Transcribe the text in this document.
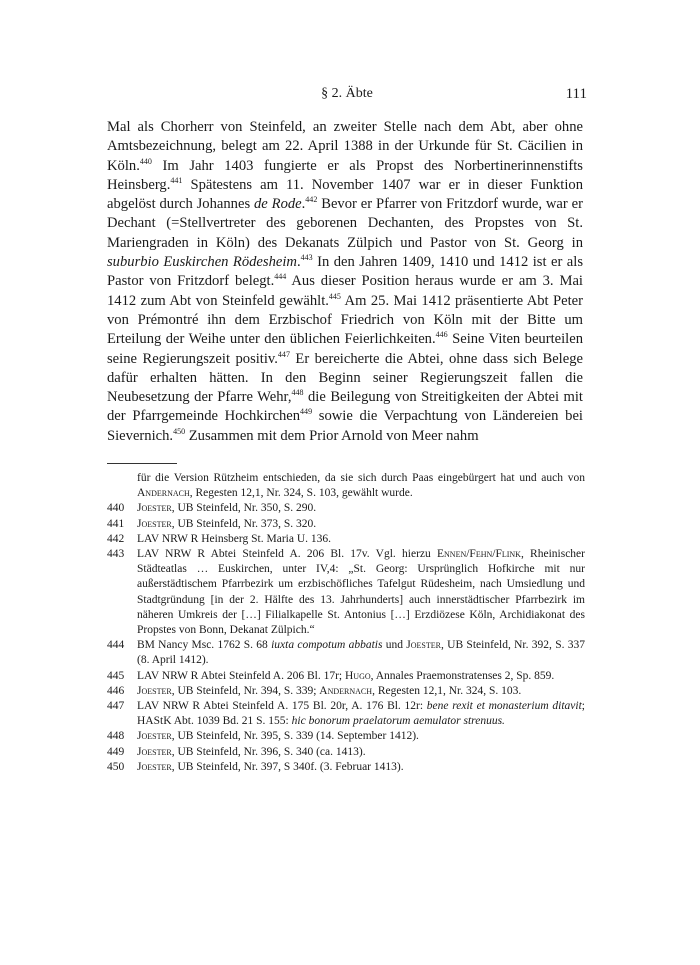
§ 2. Äbte	111

Mal als Chorherr von Steinfeld, an zweiter Stelle nach dem Abt, aber ohne Amtsbezeichnung, belegt am 22. April 1388 in der Urkunde für St. Cäcilien in Köln.$^{440}$ Im Jahr 1403 fungierte er als Propst des Norbertinerinnenstifts Heinsberg.$^{441}$ Spätestens am 11. November 1407 war er in dieser Funktion abgelöst durch Johannes de Rode.$^{442}$ Bevor er Pfarrer von Fritzdorf wurde, war er Dechant (=Stellvertreter des geborenen Dechanten, des Propstes von St. Mariengraden in Köln) des Dekanats Zülpich und Pastor von St. Georg in suburbio Euskirchen Rödesheim.$^{443}$ In den Jahren 1409, 1410 und 1412 ist er als Pastor von Fritzdorf belegt.$^{444}$ Aus dieser Position heraus wurde er am 3. Mai 1412 zum Abt von Steinfeld gewählt.$^{445}$ Am 25. Mai 1412 präsentierte Abt Peter von Prémontré ihn dem Erzbischof Friedrich von Köln mit der Bitte um Erteilung der Weihe unter den üblichen Feierlichkeiten.$^{446}$ Seine Viten beurteilen seine Regierungszeit positiv.$^{447}$ Er bereicherte die Abtei, ohne dass sich Belege dafür erhalten hätten. In den Beginn seiner Regierungszeit fallen die Neubesetzung der Pfarre Wehr,$^{448}$ die Beilegung von Streitigkeiten der Abtei mit der Pfarrgemeinde Hochkirchen$^{449}$ sowie die Verpachtung von Ländereien bei Sievernich.$^{450}$ Zusammen mit dem Prior Arnold von Meer nahm

für die Version Rützheim entschieden, da sie sich durch Paas eingebürgert hat und auch von Andernach, Regesten 12,1, Nr. 324, S. 103, gewählt wurde.

440	Joester, UB Steinfeld, Nr. 350, S. 290.

441	Joester, UB Steinfeld, Nr. 373, S. 320.

442	LAV NRW R Heinsberg St. Maria U. 136.

443	LAV NRW R Abtei Steinfeld A. 206 Bl. 17v. Vgl. hierzu Ennen/Fehn/Flink, Rheinischer Städteatlas … Euskirchen, unter IV,4: „St. Georg: Ursprünglich Hofkirche mit nur außerstädtischem Pfarrbezirk um erzbischöfliches Tafelgut Rüdesheim, nach Umsiedlung und Stadtgründung [in der 2. Hälfte des 13. Jahrhunderts] auch innerstädtischer Pfarrbezirk im näheren Umkreis der […] Filialkapelle St. Antonius […] Erzdiözese Köln, Archidiakonat des Propstes von Bonn, Dekanat Zülpich.“

444	BM Nancy Msc. 1762 S. 68 iuxta compotum abbatis und Joester, UB Steinfeld, Nr. 392, S. 337 (8. April 1412).

445	LAV NRW R Abtei Steinfeld A. 206 Bl. 17r; Hugo, Annales Praemonstratenses 2, Sp. 859.

446	Joester, UB Steinfeld, Nr. 394, S. 339; Andernach, Regesten 12,1, Nr. 324, S. 103.

447	LAV NRW R Abtei Steinfeld A. 175 Bl. 20r, A. 176 Bl. 12r: bene rexit et monasterium ditavit; HAStK Abt. 1039 Bd. 21 S. 155: hic bonorum praelatorum aemulator strenuus.

448	Joester, UB Steinfeld, Nr. 395, S. 339 (14. September 1412).

449	Joester, UB Steinfeld, Nr. 396, S. 340 (ca. 1413).

450	Joester, UB Steinfeld, Nr. 397, S 340f. (3. Februar 1413).
